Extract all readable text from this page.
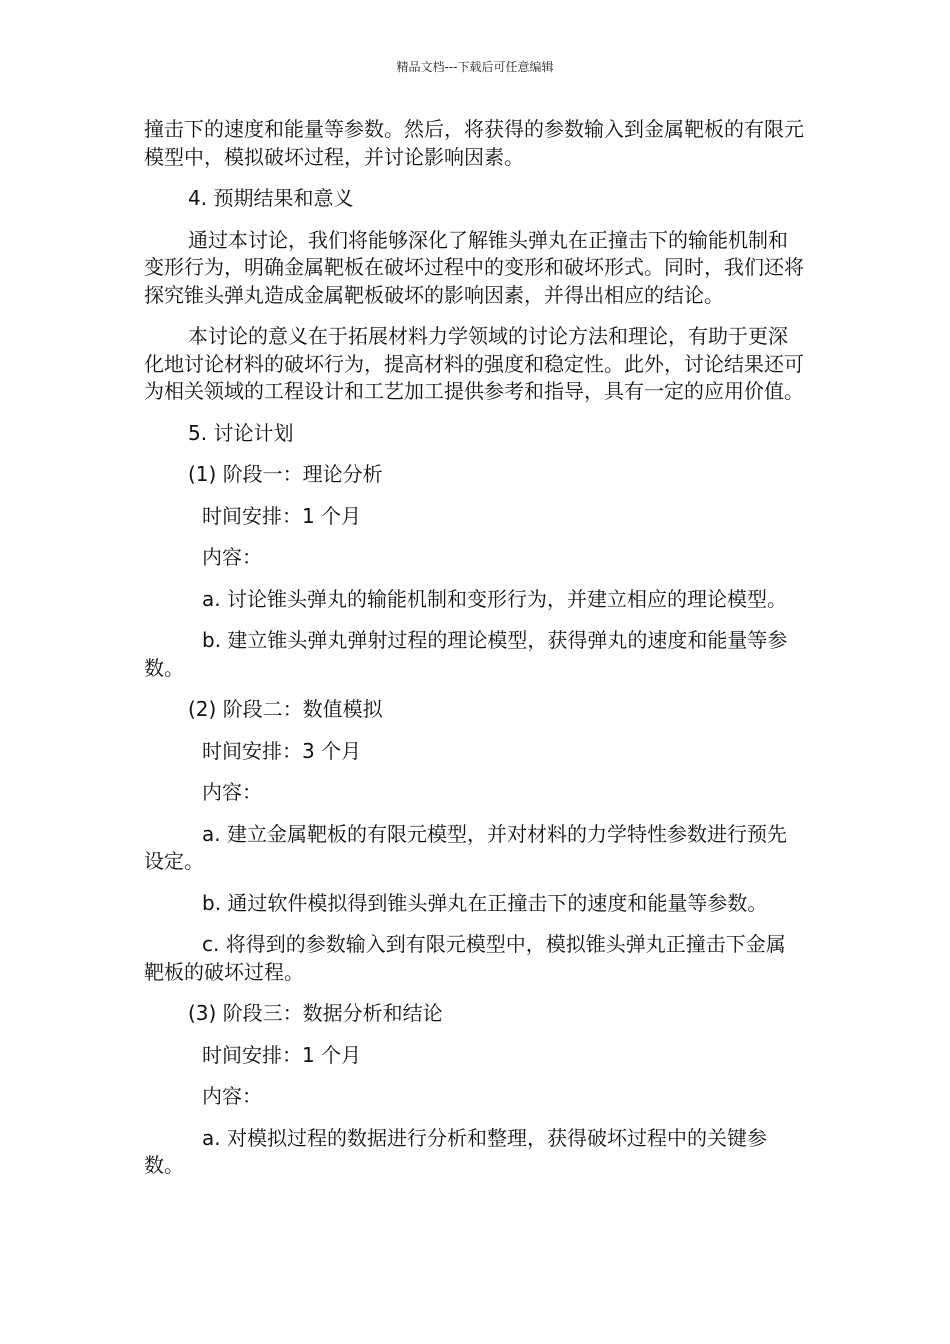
精品文档---下载后可任意编辑

撞击下的速度和能量等参数。然后，将获得的参数输入到金属靶板的有限元模型中，模拟破坏过程，并讨论影响因素。

4. 预期结果和意义

通过本讨论，我们将能够深化了解锥头弹丸在正撞击下的输能机制和变形行为，明确金属靶板在破坏过程中的变形和破坏形式。同时，我们还将探究锥头弹丸造成金属靶板破坏的影响因素，并得出相应的结论。

本讨论的意义在于拓展材料力学领域的讨论方法和理论，有助于更深化地讨论材料的破坏行为，提高材料的强度和稳定性。此外，讨论结果还可为相关领域的工程设计和工艺加工提供参考和指导，具有一定的应用价值。

5. 讨论计划

(1) 阶段一：理论分析

时间安排：1 个月

内容：

a. 讨论锥头弹丸的输能机制和变形行为，并建立相应的理论模型。

b. 建立锥头弹丸弹射过程的理论模型，获得弹丸的速度和能量等参数。

(2) 阶段二：数值模拟

时间安排：3 个月

内容：

a. 建立金属靶板的有限元模型，并对材料的力学特性参数进行预先设定。

b. 通过软件模拟得到锥头弹丸在正撞击下的速度和能量等参数。

c. 将得到的参数输入到有限元模型中，模拟锥头弹丸正撞击下金属靶板的破坏过程。

(3) 阶段三：数据分析和结论

时间安排：1 个月

内容：

a. 对模拟过程的数据进行分析和整理，获得破坏过程中的关键参数。
